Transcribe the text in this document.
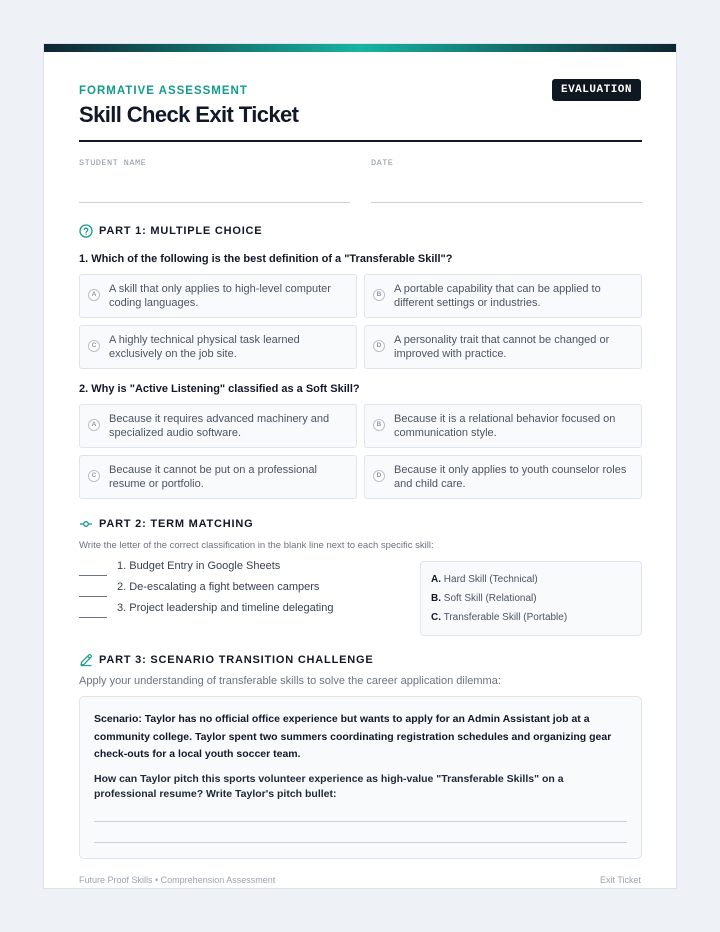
FORMATIVE ASSESSMENT	EVALUATION
Skill Check Exit Ticket
STUDENT NAME	DATE
PART 1: MULTIPLE CHOICE
1. Which of the following is the best definition of a "Transferable Skill"?
A	A skill that only applies to high-level computer coding languages.
B	A portable capability that can be applied to different settings or industries.
C	A highly technical physical task learned exclusively on the job site.
D	A personality trait that cannot be changed or improved with practice.
2. Why is "Active Listening" classified as a Soft Skill?
A	Because it requires advanced machinery and specialized audio software.
B	Because it is a relational behavior focused on communication style.
C	Because it cannot be put on a professional resume or portfolio.
D	Because it only applies to youth counselor roles and child care.
PART 2: TERM MATCHING
Write the letter of the correct classification in the blank line next to each specific skill:
1. Budget Entry in Google Sheets
2. De-escalating a fight between campers
3. Project leadership and timeline delegating
A. Hard Skill (Technical)
B. Soft Skill (Relational)
C. Transferable Skill (Portable)
PART 3: SCENARIO TRANSITION CHALLENGE
Apply your understanding of transferable skills to solve the career application dilemma:
Scenario: Taylor has no official office experience but wants to apply for an Admin Assistant job at a community college. Taylor spent two summers coordinating registration schedules and organizing gear check-outs for a local youth soccer team.
How can Taylor pitch this sports volunteer experience as high-value "Transferable Skills" on a professional resume? Write Taylor's pitch bullet:
Future Proof Skills • Comprehension Assessment	Exit Ticket
